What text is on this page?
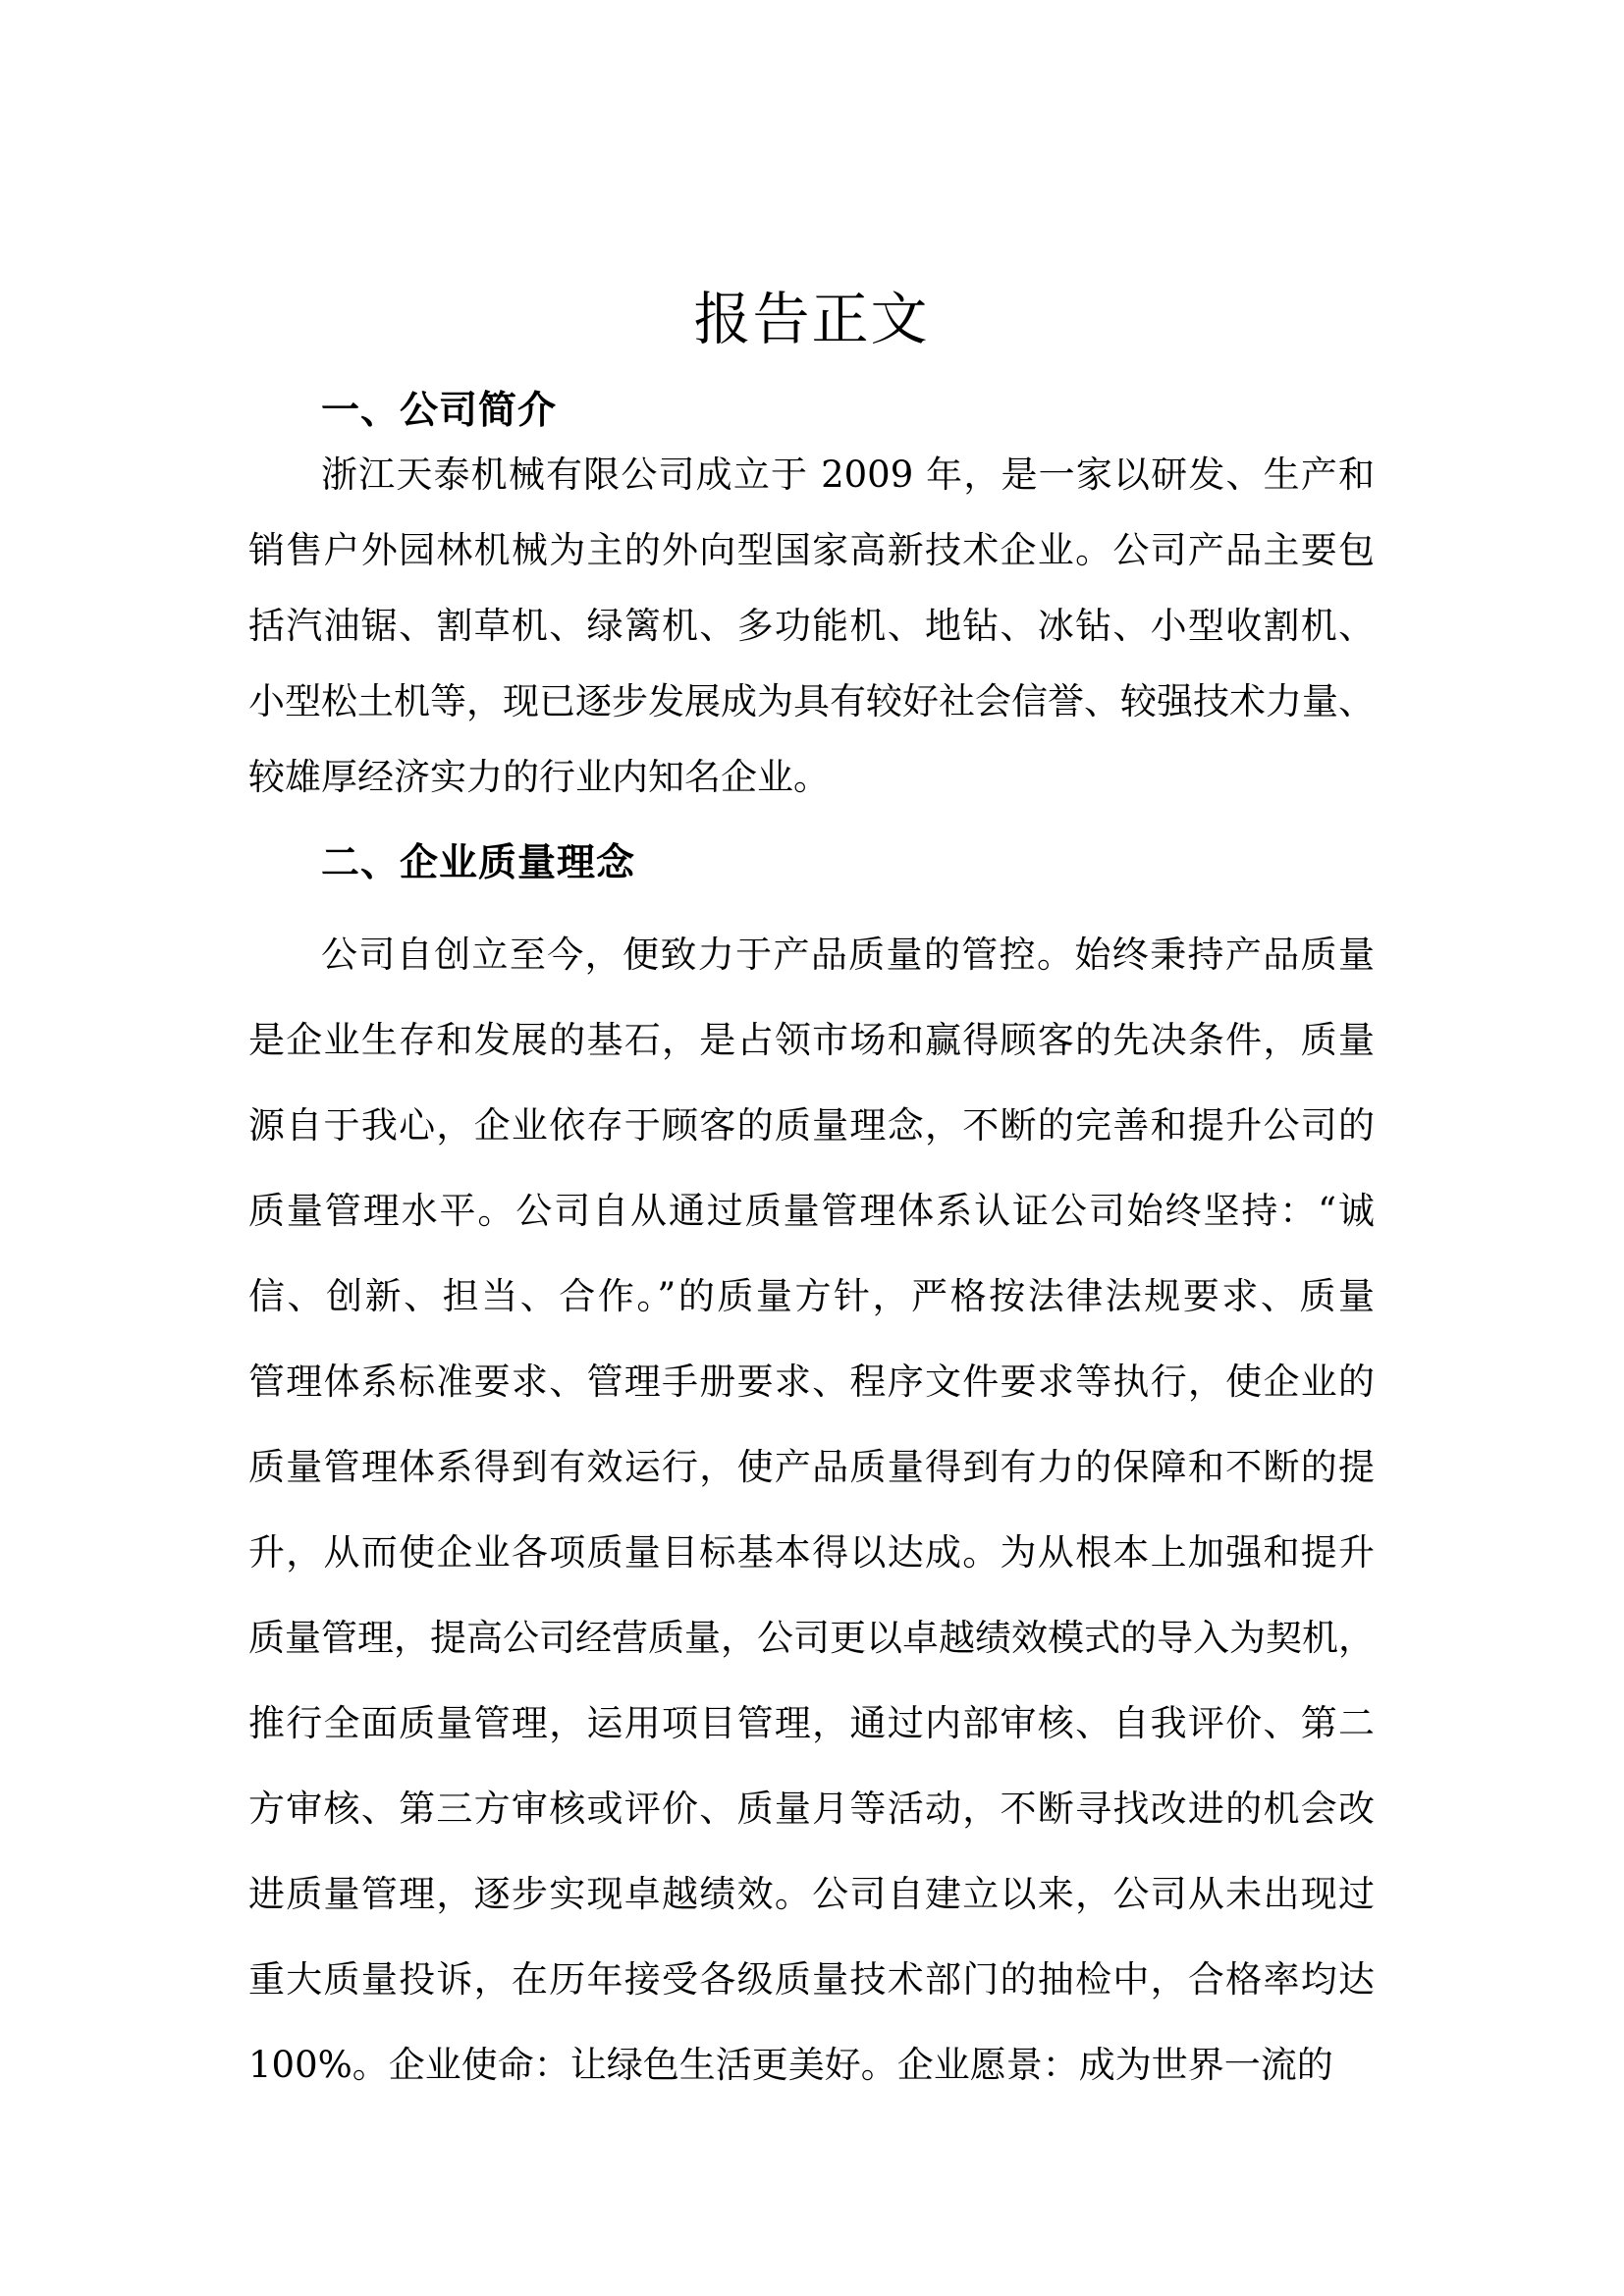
报告正文
一、公司简介
浙江天泰机械有限公司成立于 2009 年，是一家以研发、生产和
销售户外园林机械为主的外向型国家高新技术企业。公司产品主要包
括汽油锯、割草机、绿篱机、多功能机、地钻、冰钻、小型收割机、
小型松土机等，现已逐步发展成为具有较好社会信誉、较强技术力量、
较雄厚经济实力的行业内知名企业。
二、企业质量理念
公司自创立至今，便致力于产品质量的管控。始终秉持产品质量
是企业生存和发展的基石，是占领市场和赢得顾客的先决条件，质量
源自于我心，企业依存于顾客的质量理念，不断的完善和提升公司的
质量管理水平。公司自从通过质量管理体系认证公司始终坚持：“诚
信、创新、担当、合作。”的质量方针，严格按法律法规要求、质量
管理体系标准要求、管理手册要求、程序文件要求等执行，使企业的
质量管理体系得到有效运行，使产品质量得到有力的保障和不断的提
升，从而使企业各项质量目标基本得以达成。为从根本上加强和提升
质量管理，提高公司经营质量，公司更以卓越绩效模式的导入为契机，
推行全面质量管理，运用项目管理，通过内部审核、自我评价、第二
方审核、第三方审核或评价、质量月等活动，不断寻找改进的机会改
进质量管理，逐步实现卓越绩效。公司自建立以来，公司从未出现过
重大质量投诉，在历年接受各级质量技术部门的抽检中，合格率均达
100%。企业使命：让绿色生活更美好。企业愿景：成为世界一流的
